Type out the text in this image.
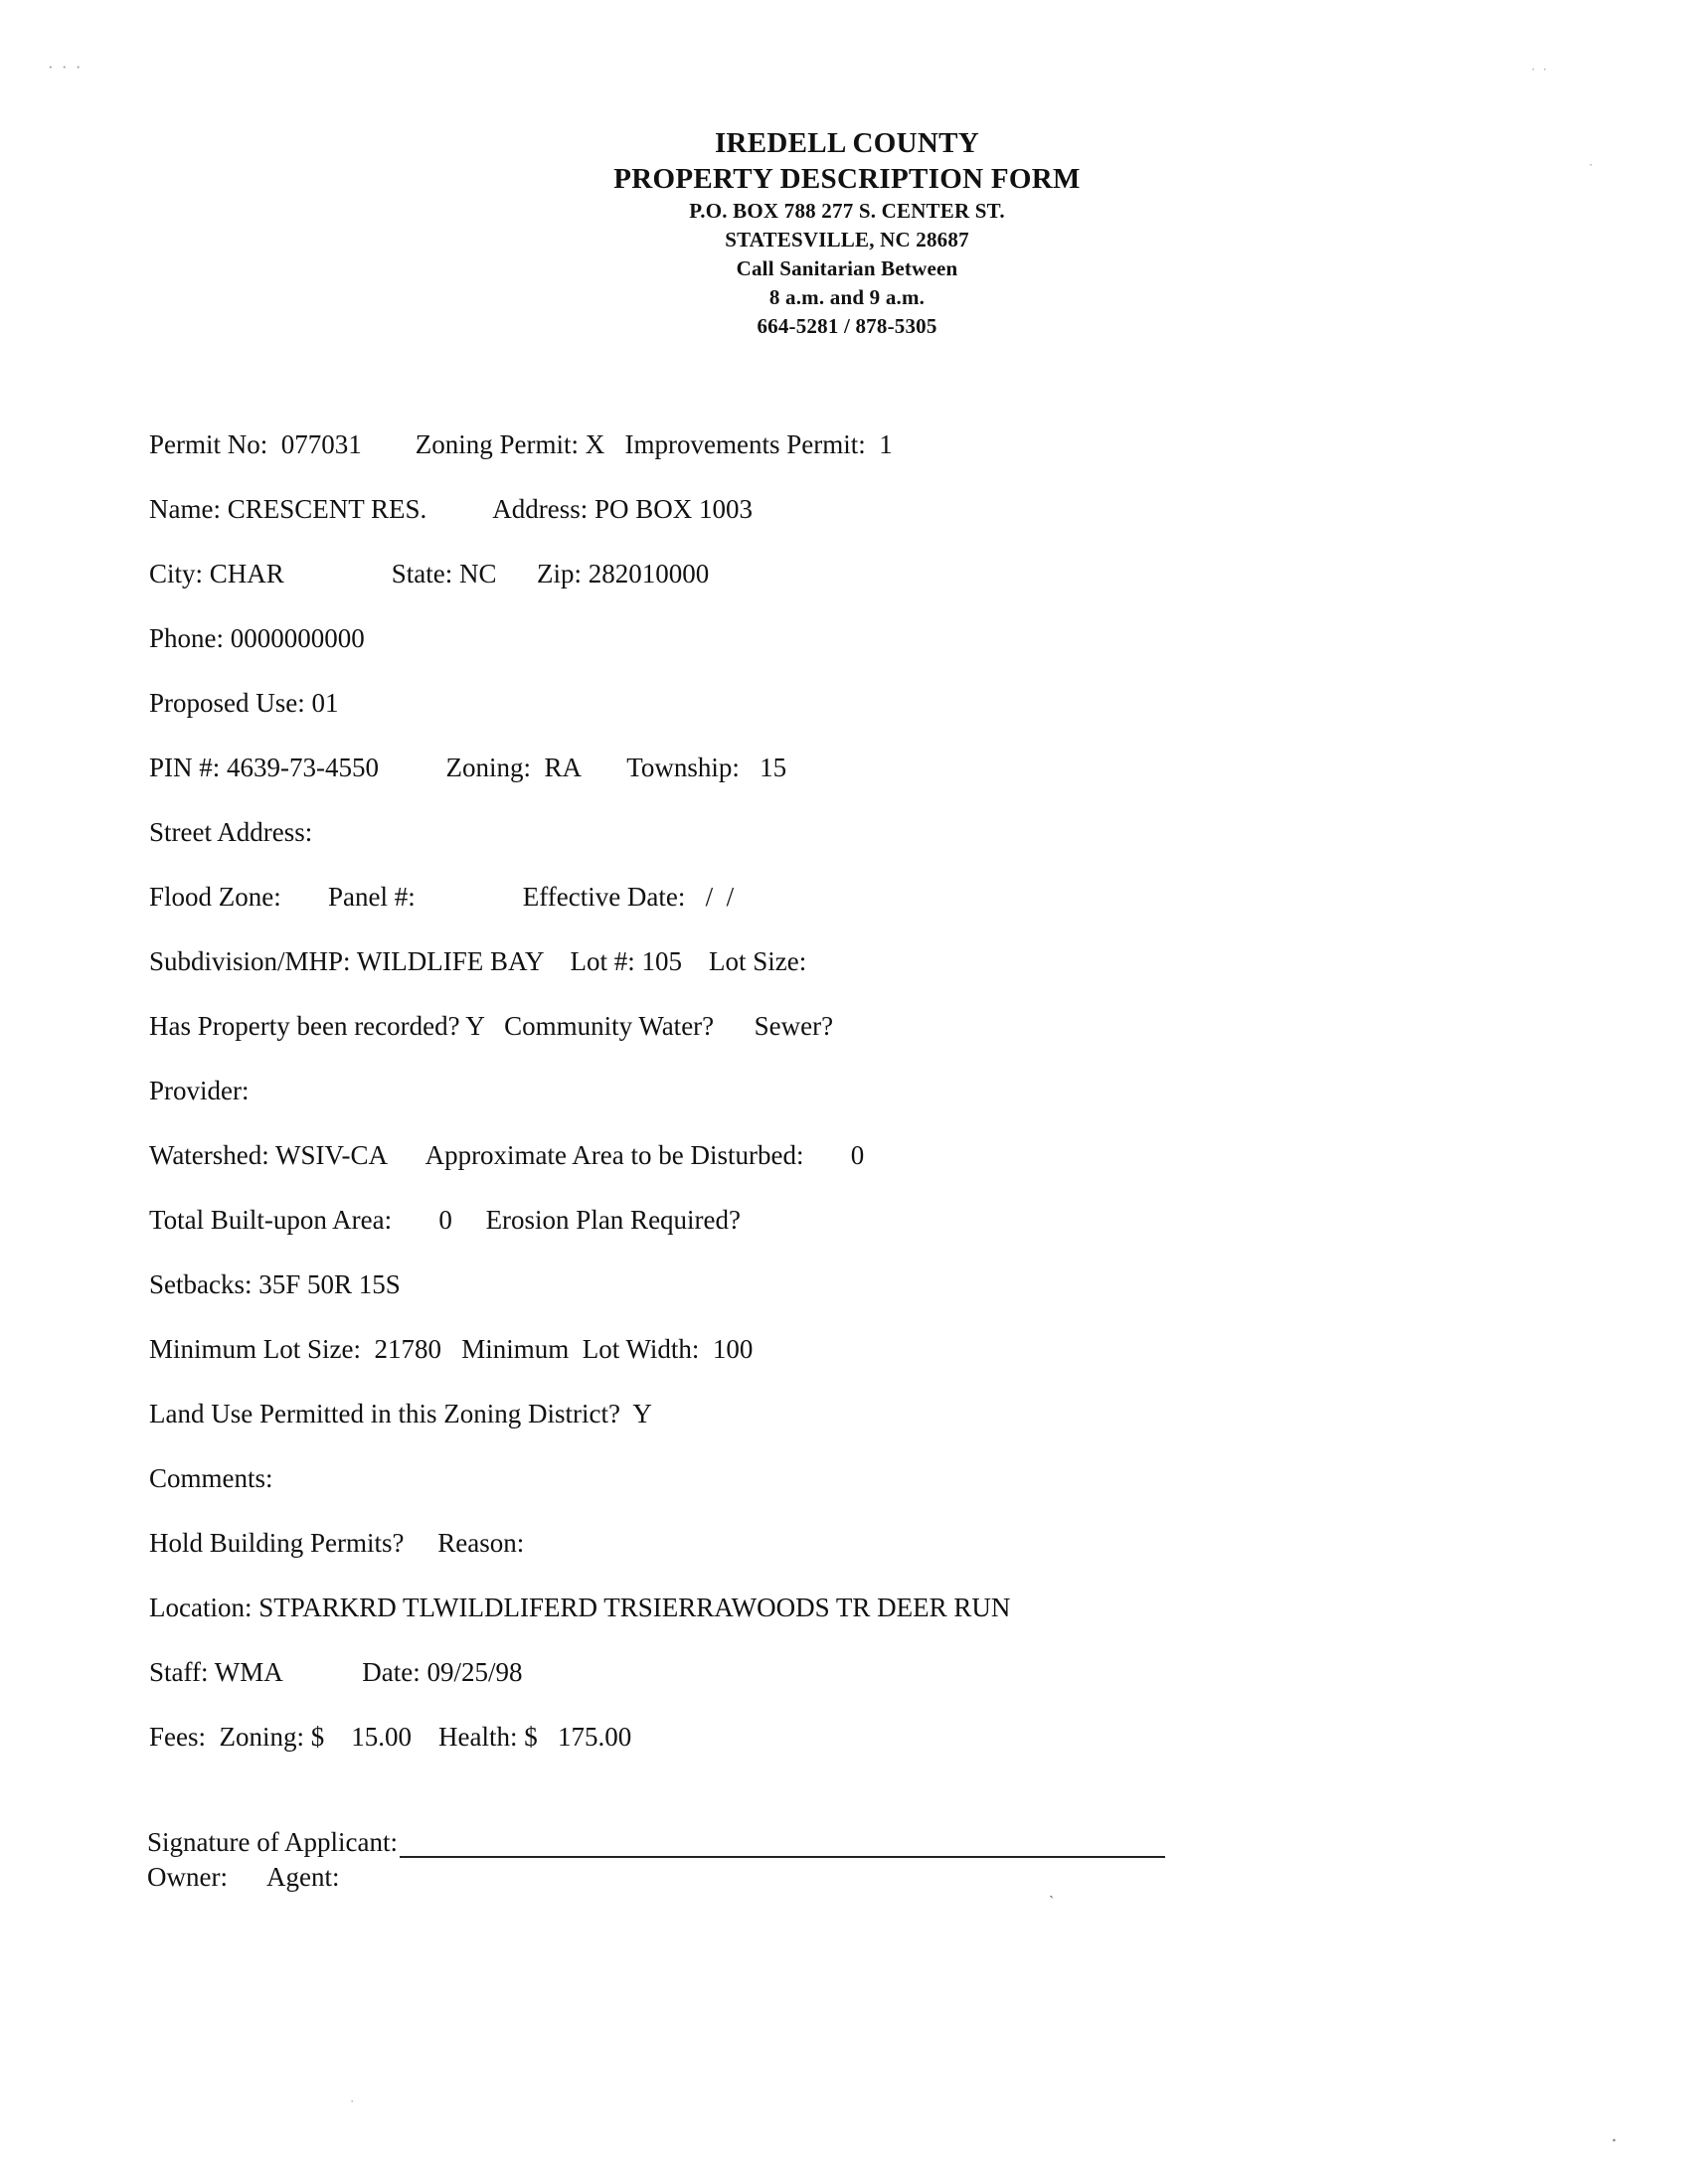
· · ·	· ·
·
·
·
IREDELL COUNTY
PROPERTY DESCRIPTION FORM
P.O. BOX 788 277 S. CENTER ST.
STATESVILLE, NC 28687
Call Sanitarian Between
8 a.m. and 9 a.m.
664-5281 / 878-5305
Permit No:  077031        Zoning Permit: X   Improvements Permit:  1
Name: CRESCENT RES.          Address: PO BOX 1003
City: CHAR                State: NC      Zip: 282010000
Phone: 0000000000
Proposed Use: 01
PIN #: 4639-73-4550          Zoning:  RA       Township:   15
Street Address:
Flood Zone:       Panel #:                Effective Date:   /  /
Subdivision/MHP: WILDLIFE BAY    Lot #: 105    Lot Size:
Has Property been recorded? Y   Community Water?      Sewer?
Provider:
Watershed: WSIV-CA      Approximate Area to be Disturbed:       0
Total Built-upon Area:       0     Erosion Plan Required?
Setbacks: 35F 50R 15S
Minimum Lot Size:  21780   Minimum  Lot Width:  100
Land Use Permitted in this Zoning District?  Y
Comments:
Hold Building Permits?     Reason:
Location: STPARKRD TLWILDLIFERD TRSIERRAWOODS TR DEER RUN
Staff: WMA            Date: 09/25/98
Fees:  Zoning: $    15.00    Health: $   175.00
Signature of Applicant:
Owner:      Agent:
`
